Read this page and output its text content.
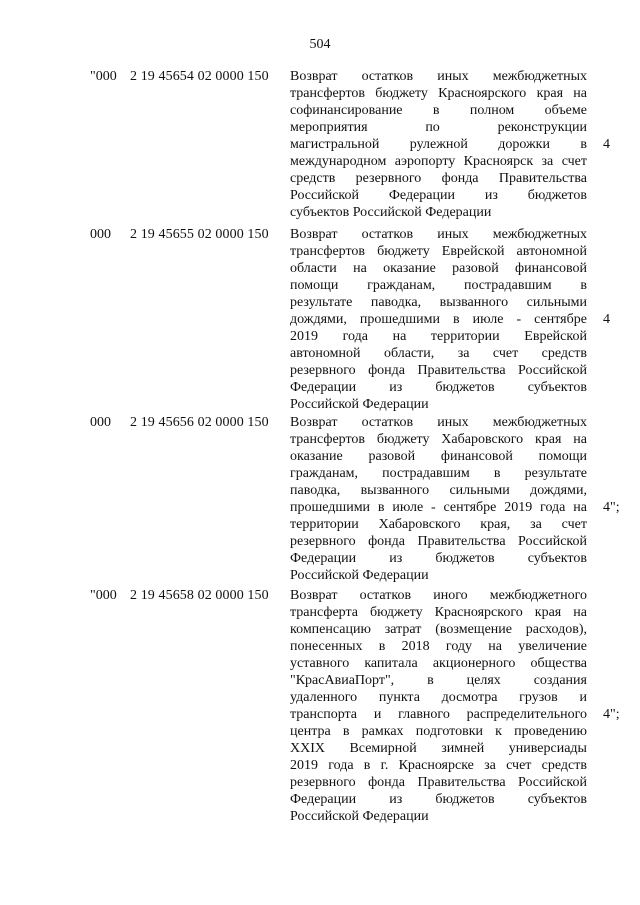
504
"000 2 19 45654 02 0000 150 Возврат остатков иных межбюджетных
трансфертов бюджету Красноярского края на
софинансирование в полном объеме
мероприятия	по	реконструкции
магистральной рулежной дорожки в
международном аэропорту Красноярск за счет
средств резервного фонда Правительства
Российской Федерации из бюджетов
субъектов Российской Федерации
4
000 2 19 45655 02 0000 150 Возврат остатков иных межбюджетных
трансфертов бюджету Еврейской автономной
области на оказание разовой финансовой
помощи гражданам, пострадавшим в
результате паводка, вызванного сильными
дождями, прошедшими в июле - сентябре
2019 года на территории Еврейской
автономной области, за счет средств
резервного фонда Правительства Российской
Федерации из бюджетов субъектов
Российской Федерации
4
000 2 19 45656 02 0000 150 Возврат остатков иных межбюджетных
трансфертов бюджету Хабаровского края на
оказание разовой финансовой помощи
гражданам, пострадавшим в результате
паводка, вызванного сильными дождями,
прошедшими в июле - сентябре 2019 года на
территории Хабаровского края, за счет
резервного фонда Правительства Российской
Федерации из бюджетов субъектов
Российской Федерации
4";
"000 2 19 45658 02 0000 150 Возврат остатков иного межбюджетного
трансферта бюджету Красноярского края на
компенсацию затрат (возмещение расходов),
понесенных в 2018 году на увеличение
уставного капитала акционерного общества
"КрасАвиаПорт", в целях создания
удаленного пункта досмотра грузов и
транспорта и главного распределительного
центра в рамках подготовки к проведению
XXIX Всемирной зимней универсиады
2019 года в г. Красноярске за счет средств
резервного фонда Правительства Российской
Федерации из бюджетов субъектов
Российской Федерации
4";
